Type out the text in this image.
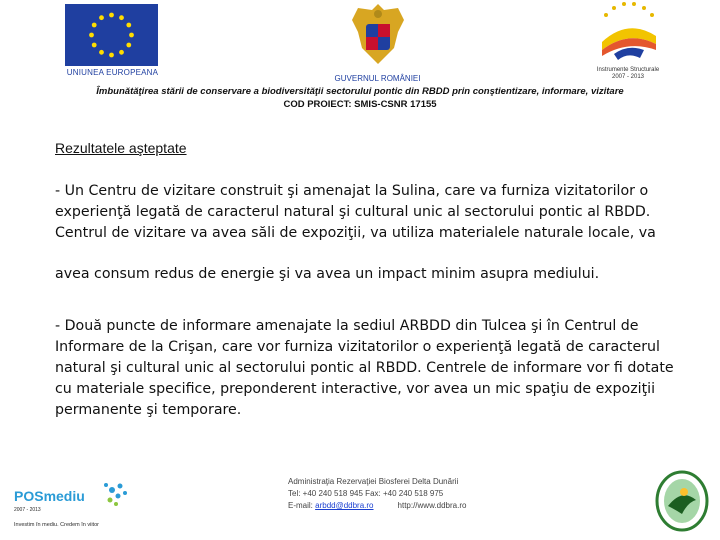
UNIUNEA EUROPEANA
GUVERNUL ROMÂNIEI
Instrumente Structurale
2007 - 2013
Îmbunătăţirea stării de conservare a biodiversităţii sectorului pontic din RBDD prin conştientizare, informare, vizitare
COD PROIECT: SMIS-CSNR 17155
Rezultatele aşteptate
- Un Centru de vizitare construit şi amenajat la Sulina, care va furniza vizitatorilor o experienţă legată de caracterul natural şi cultural unic al sectorului pontic al RBDD. Centrul de vizitare va avea săli de expoziţii, va utiliza materialele naturale locale, va
avea consum redus de energie şi va avea un impact minim asupra mediului.
- Două puncte de informare amenajate la sediul ARBDD din Tulcea şi în Centrul de Informare de la Crişan, care vor furniza vizitatorilor o experienţă legată de caracterul natural şi cultural unic al sectorului pontic al RBDD. Centrele de informare vor fi dotate cu materiale specifice, preponderent interactive, vor avea un mic spaţiu de expoziţii permanente şi temporare.
POSmediu
2007 - 2013
Investim în mediu. Credem în viitor
Administraţia Rezervaţiei Biosferei Delta Dunării
Tel: +40 240 518 945 Fax: +40 240 518 975
E-mail: arbdd@ddbra.ro	http://www.ddbra.ro
